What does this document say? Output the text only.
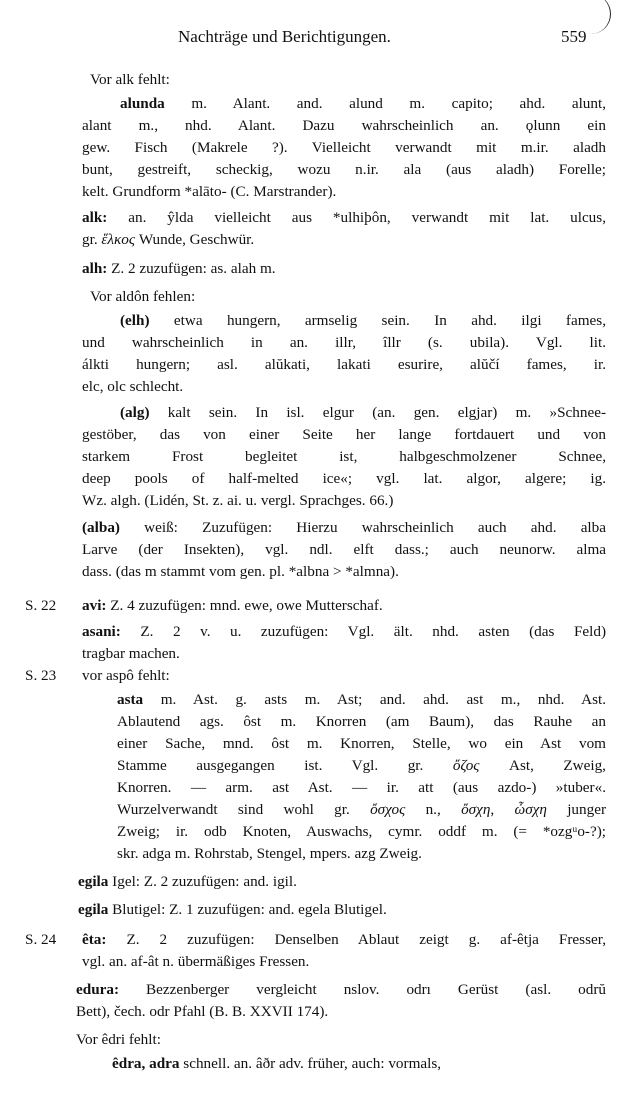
Nachträge und Berichtigungen.	559
Vor alk fehlt:
alunda m. Alant. and. alund m. capito; ahd. alunt,
alant m., nhd. Alant. Dazu wahrscheinlich an. ǫlunn ein
gew. Fisch (Makrele ?). Vielleicht verwandt mit m.ir. aladh
bunt, gestreift, scheckig, wozu n.ir. ala (aus aladh) Forelle;
kelt. Grundform *alāto- (C. Marstrander).
alk: an. ŷlda vielleicht aus *ulhiþôn, verwandt mit lat. ulcus,
gr. ἕλκος Wunde, Geschwür.
alh: Z. 2 zuzufügen: as. alah m.
Vor aldôn fehlen:
(elh) etwa hungern, armselig sein. In ahd. ilgi fames,
und wahrscheinlich in an. illr, îllr (s. ubila). Vgl. lit.
álkti hungern; asl. alŭkati, lakati esurire, alŭčí fames, ir.
elc, olc schlecht.
(alg) kalt sein. In isl. elgur (an. gen. elgjar) m. »Schnee-
gestöber, das von einer Seite her lange fortdauert und von
starkem Frost begleitet ist, halbgeschmolzener Schnee,
deep pools of half-melted ice«; vgl. lat. algor, algere; ig.
Wz. algh. (Lidén, St. z. ai. u. vergl. Sprachges. 66.)
(alba) weiß: Zuzufügen: Hierzu wahrscheinlich auch ahd. alba
Larve (der Insekten), vgl. ndl. elft dass.; auch neunorw. alma
dass. (das m stammt vom gen. pl. *albna > *almna).
S. 22 avi: Z. 4 zuzufügen: mnd. ewe, owe Mutterschaf.
asani: Z. 2 v. u. zuzufügen: Vgl. ält. nhd. asten (das Feld)
tragbar machen.
S. 23 vor aspô fehlt:
asta m. Ast. g. asts m. Ast; and. ahd. ast m., nhd. Ast.
Ablautend ags. ôst m. Knorren (am Baum), das Rauhe an
einer Sache, mnd. ôst m. Knorren, Stelle, wo ein Ast vom
Stamme ausgegangen ist. Vgl. gr. ὄζος Ast, Zweig,
Knorren. — arm. ast Ast. — ir. att (aus azdo-) »tuber«.
Wurzelverwandt sind wohl gr. ὄσχος n., ὄσχη, ὦσχη junger
Zweig; ir. odb Knoten, Auswachs, cymr. oddf m. (= *ozgᵘo-?);
skr. adga m. Rohrstab, Stengel, mpers. azg Zweig.
egila Igel: Z. 2 zuzufügen: and. igil.
egila Blutigel: Z. 1 zuzufügen: and. egela Blutigel.
S. 24 êta: Z. 2 zuzufügen: Denselben Ablaut zeigt g. af-êtja Fresser,
vgl. an. af-ât n. übermäßiges Fressen.
edura: Bezzenberger vergleicht nslov. odrı Gerüst (asl. odrŭ
Bett), čech. odr Pfahl (B. B. XXVII 174).
Vor êdri fehlt:
êdra, adra schnell. an. âðr adv. früher, auch: vormals,
